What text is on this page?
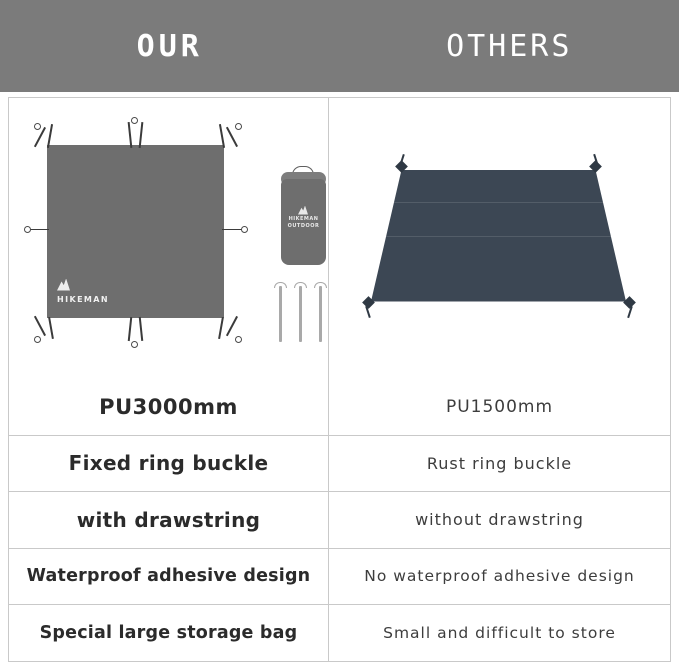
OUR	OTHERS
HIKEMAN
HIKEMAN
OUTDOOR
PU3000mm	PU1500mm
Fixed ring buckle	Rust ring buckle
with drawstring	without drawstring
Waterproof adhesive design	No waterproof adhesive design
Special large storage bag	Small and difficult to store
